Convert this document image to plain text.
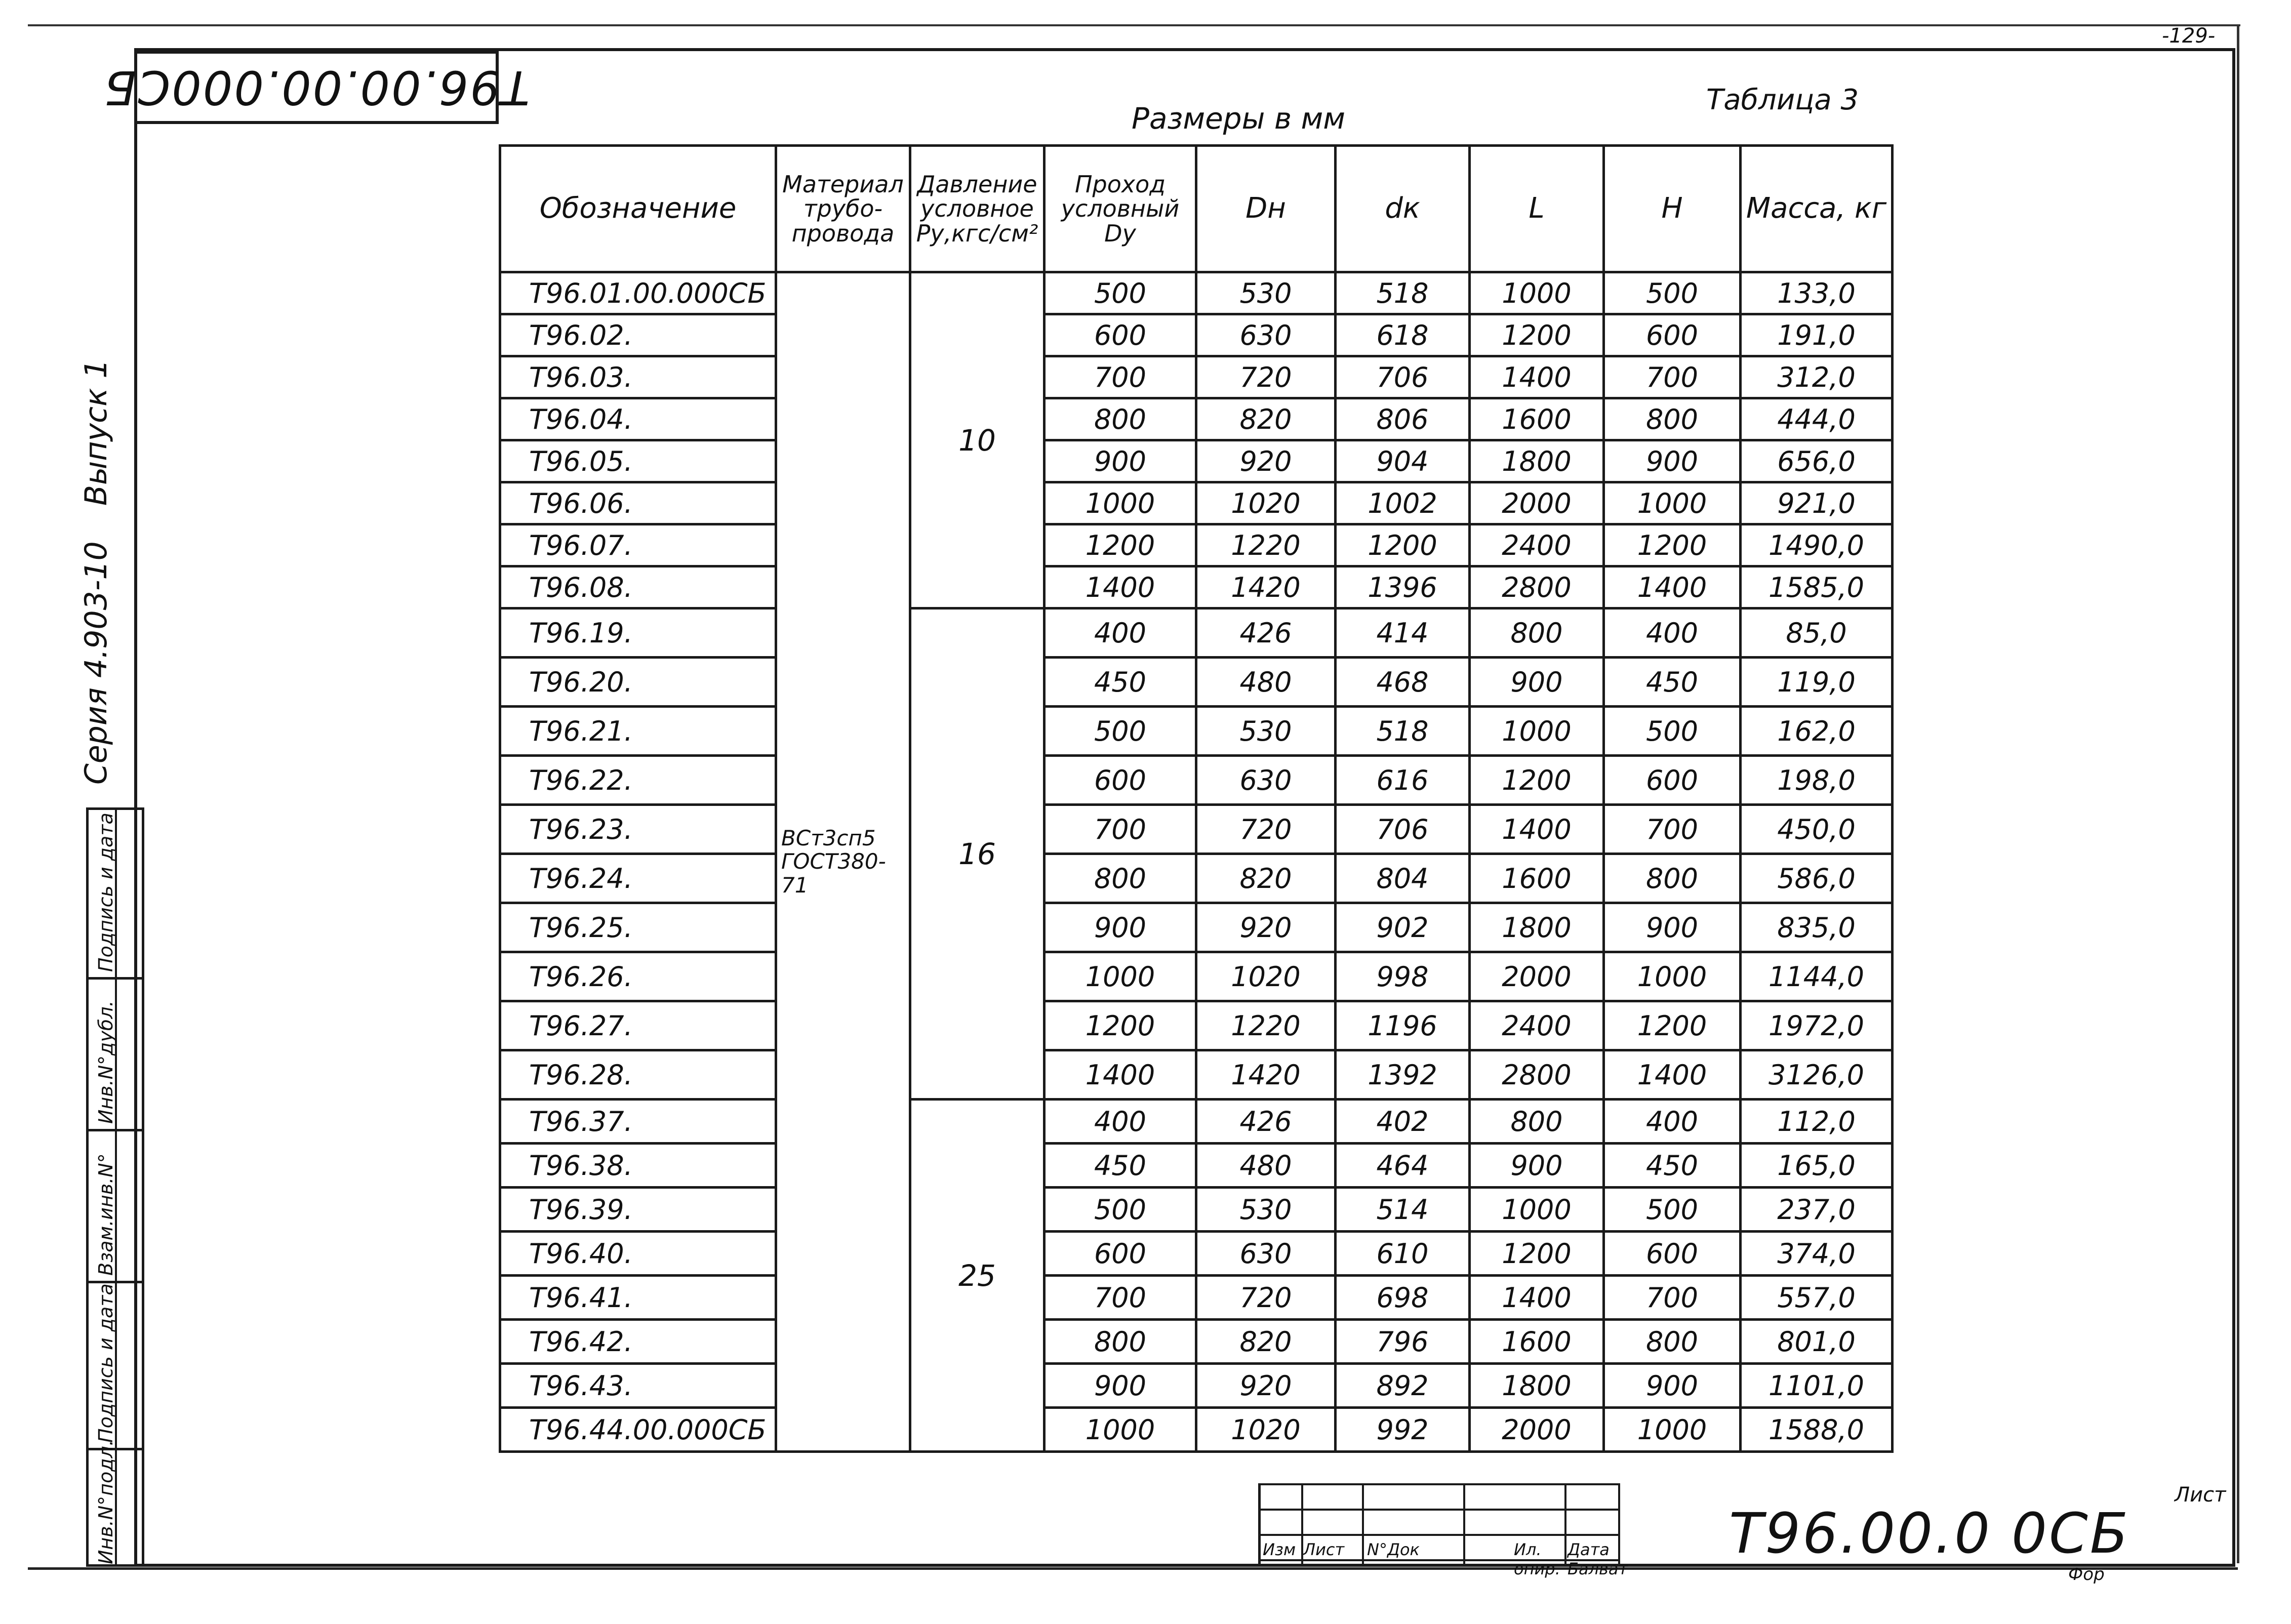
-129-
Т96.00.00.000СБ
Серия 4.903-10Выпуск 1
Подпись и дата
Инв.N°дубл.
Взам.инв.N°
Подпись и дата
Инв.N°подл.
Размеры в мм
Таблица 3
Обозначение	Материал трубо-провода	Давление условное Pу,кгс/см²	Проход условный Dу	Dн	dк	L	H	Масса, кг
Т96.01.00.000СБ	ВСт3сп5 ГОСТ380-71	10	500	530	518	1000	500	133,0
Т96.02.			600	630	618	1200	600	191,0
Т96.03.			700	720	706	1400	700	312,0
Т96.04.			800	820	806	1600	800	444,0
Т96.05.			900	920	904	1800	900	656,0
Т96.06.			1000	1020	1002	2000	1000	921,0
Т96.07.			1200	1220	1200	2400	1200	1490,0
Т96.08.			1400	1420	1396	2800	1400	1585,0
Т96.19.		16	400	426	414	800	400	85,0
Т96.20.			450	480	468	900	450	119,0
Т96.21.			500	530	518	1000	500	162,0
Т96.22.			600	630	616	1200	600	198,0
Т96.23.			700	720	706	1400	700	450,0
Т96.24.			800	820	804	1600	800	586,0
Т96.25.			900	920	902	1800	900	835,0
Т96.26.			1000	1020	998	2000	1000	1144,0
Т96.27.			1200	1220	1196	2400	1200	1972,0
Т96.28.			1400	1420	1392	2800	1400	3126,0
Т96.37.		25	400	426	402	800	400	112,0
Т96.38.			450	480	464	900	450	165,0
Т96.39.			500	530	514	1000	500	237,0
Т96.40.			600	630	610	1200	600	374,0
Т96.41.			700	720	698	1400	700	557,0
Т96.42.			800	820	796	1600	800	801,0
Т96.43.			900	920	892	1800	900	1101,0
Т96.44.00.000СБ			1000	1020	992	2000	1000	1588,0
Изм Лист N°Док	Ил. Дата
опир. Балват
Т96.00.0 0СБ
Лист
Фор
